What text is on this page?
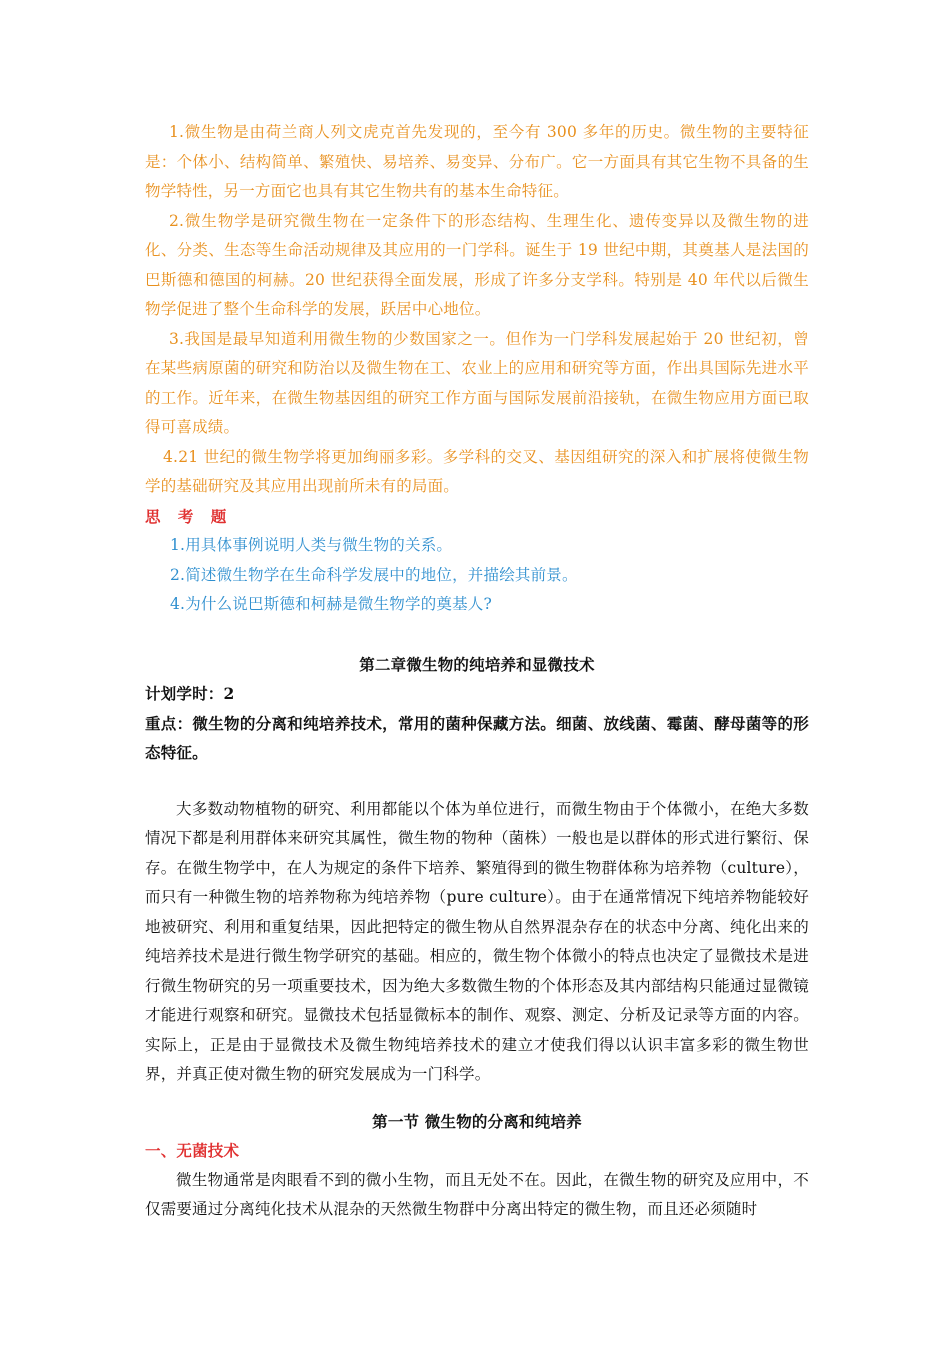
1.微生物是由荷兰商人列文虎克首先发现的，至今有 300 多年的历史。微生物的主要特征是：个体小、结构简单、繁殖快、易培养、易变异、分布广。它一方面具有其它生物不具备的生物学特性，另一方面它也具有其它生物共有的基本生命特征。

2.微生物学是研究微生物在一定条件下的形态结构、生理生化、遗传变异以及微生物的进化、分类、生态等生命活动规律及其应用的一门学科。诞生于 19 世纪中期，其奠基人是法国的巴斯德和德国的柯赫。20 世纪获得全面发展，形成了许多分支学科。特别是 40 年代以后微生物学促进了整个生命科学的发展，跃居中心地位。

3.我国是最早知道利用微生物的少数国家之一。但作为一门学科发展起始于 20 世纪初，曾在某些病原菌的研究和防治以及微生物在工、农业上的应用和研究等方面，作出具国际先进水平的工作。近年来，在微生物基因组的研究工作方面与国际发展前沿接轨，在微生物应用方面已取得可喜成绩。

4.21 世纪的微生物学将更加绚丽多彩。多学科的交叉、基因组研究的深入和扩展将使微生物学的基础研究及其应用出现前所未有的局面。

思 考 题

1.用具体事例说明人类与微生物的关系。

2.简述微生物学在生命科学发展中的地位，并描绘其前景。

4.为什么说巴斯德和柯赫是微生物学的奠基人?

第二章微生物的纯培养和显微技术

计划学时：2

重点：微生物的分离和纯培养技术，常用的菌种保藏方法。细菌、放线菌、霉菌、酵母菌等的形态特征。

大多数动物植物的研究、利用都能以个体为单位进行，而微生物由于个体微小，在绝大多数情况下都是利用群体来研究其属性，微生物的物种（菌株）一般也是以群体的形式进行繁衍、保存。在微生物学中，在人为规定的条件下培养、繁殖得到的微生物群体称为培养物（culture），而只有一种微生物的培养物称为纯培养物（pure culture）。由于在通常情况下纯培养物能较好地被研究、利用和重复结果，因此把特定的微生物从自然界混杂存在的状态中分离、纯化出来的纯培养技术是进行微生物学研究的基础。相应的，微生物个体微小的特点也决定了显微技术是进行微生物研究的另一项重要技术，因为绝大多数微生物的个体形态及其内部结构只能通过显微镜才能进行观察和研究。显微技术包括显微标本的制作、观察、测定、分析及记录等方面的内容。实际上，正是由于显微技术及微生物纯培养技术的建立才使我们得以认识丰富多彩的微生物世界，并真正使对微生物的研究发展成为一门科学。

第一节 微生物的分离和纯培养

一、无菌技术

微生物通常是肉眼看不到的微小生物，而且无处不在。因此，在微生物的研究及应用中，不仅需要通过分离纯化技术从混杂的天然微生物群中分离出特定的微生物，而且还必须随时
